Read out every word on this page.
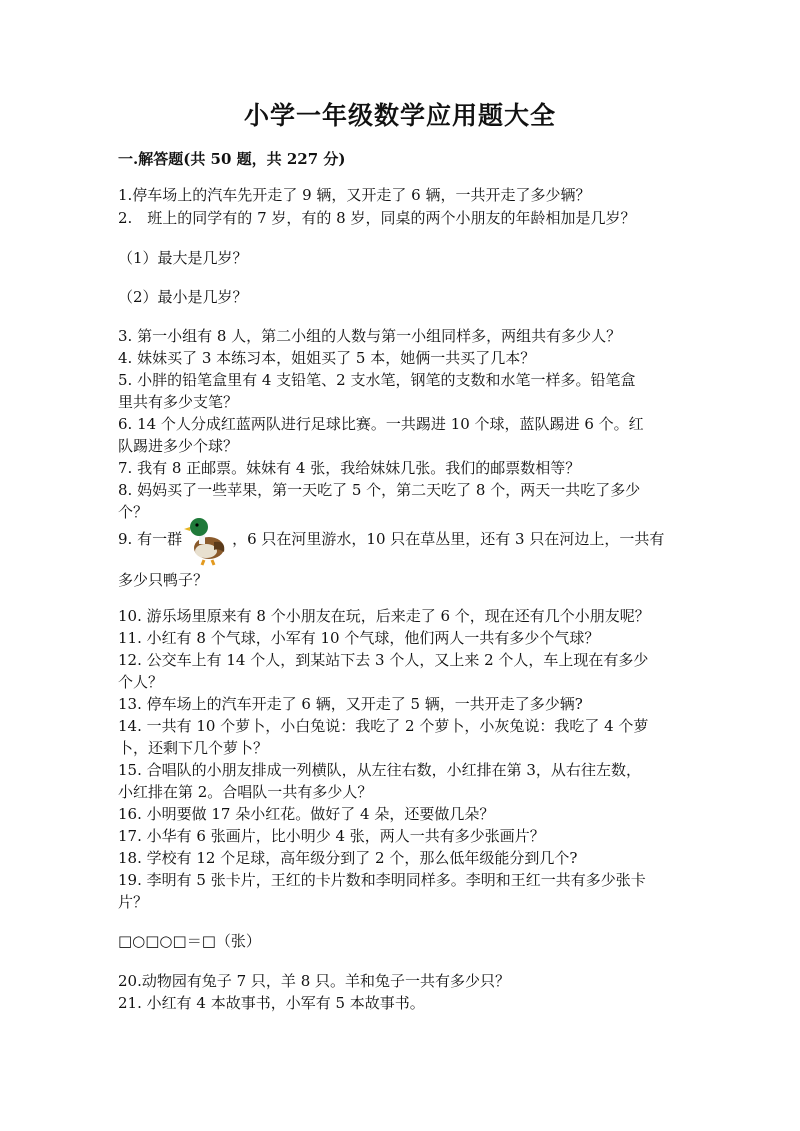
小学一年级数学应用题大全
一.解答题(共 50 题，共 227 分)
1.停车场上的汽车先开走了 9 辆，又开走了 6 辆，一共开走了多少辆？
2.　班上的同学有的 7 岁，有的 8 岁，同桌的两个小朋友的年龄相加是几岁？
（1）最大是几岁？
（2）最小是几岁？
3. 第一小组有 8 人，第二小组的人数与第一小组同样多，两组共有多少人？
4. 妹妹买了 3 本练习本，姐姐买了 5 本，她俩一共买了几本？
5. 小胖的铅笔盒里有 4 支铅笔、2 支水笔，钢笔的支数和水笔一样多。铅笔盒
里共有多少支笔？
6. 14 个人分成红蓝两队进行足球比赛。一共踢进 10 个球，蓝队踢进 6 个。红
队踢进多少个球？
7. 我有 8 正邮票。妹妹有 4 张，我给妹妹几张。我们的邮票数相等？
8. 妈妈买了一些苹果，第一天吃了 5 个，第二天吃了 8 个，两天一共吃了多少
个？
9. 有一群	，6 只在河里游水，10 只在草丛里，还有 3 只在河边上，一共有
多少只鸭子？
10. 游乐场里原来有 8 个小朋友在玩，后来走了 6 个，现在还有几个小朋友呢？
11. 小红有 8 个气球，小军有 10 个气球，他们两人一共有多少个气球？
12. 公交车上有 14 个人，到某站下去 3 个人，又上来 2 个人，车上现在有多少
个人？
13. 停车场上的汽车开走了 6 辆，又开走了 5 辆，一共开走了多少辆?
14. 一共有 10 个萝卜，小白兔说：我吃了 2 个萝卜，小灰兔说：我吃了 4 个萝
卜，还剩下几个萝卜？
15. 合唱队的小朋友排成一列横队，从左往右数，小红排在第 3，从右往左数，
小红排在第 2。合唱队一共有多少人？
16. 小明要做 17 朵小红花。做好了 4 朵，还要做几朵？
17. 小华有 6 张画片，比小明少 4 张，两人一共有多少张画片？
18. 学校有 12 个足球，高年级分到了 2 个，那么低年级能分到几个?
19. 李明有 5 张卡片，王红的卡片数和李明同样多。李明和王红一共有多少张卡
片？
□○□○□＝□（张）
20.动物园有兔子 7 只，羊 8 只。羊和兔子一共有多少只？
21. 小红有 4 本故事书，小军有 5 本故事书。
